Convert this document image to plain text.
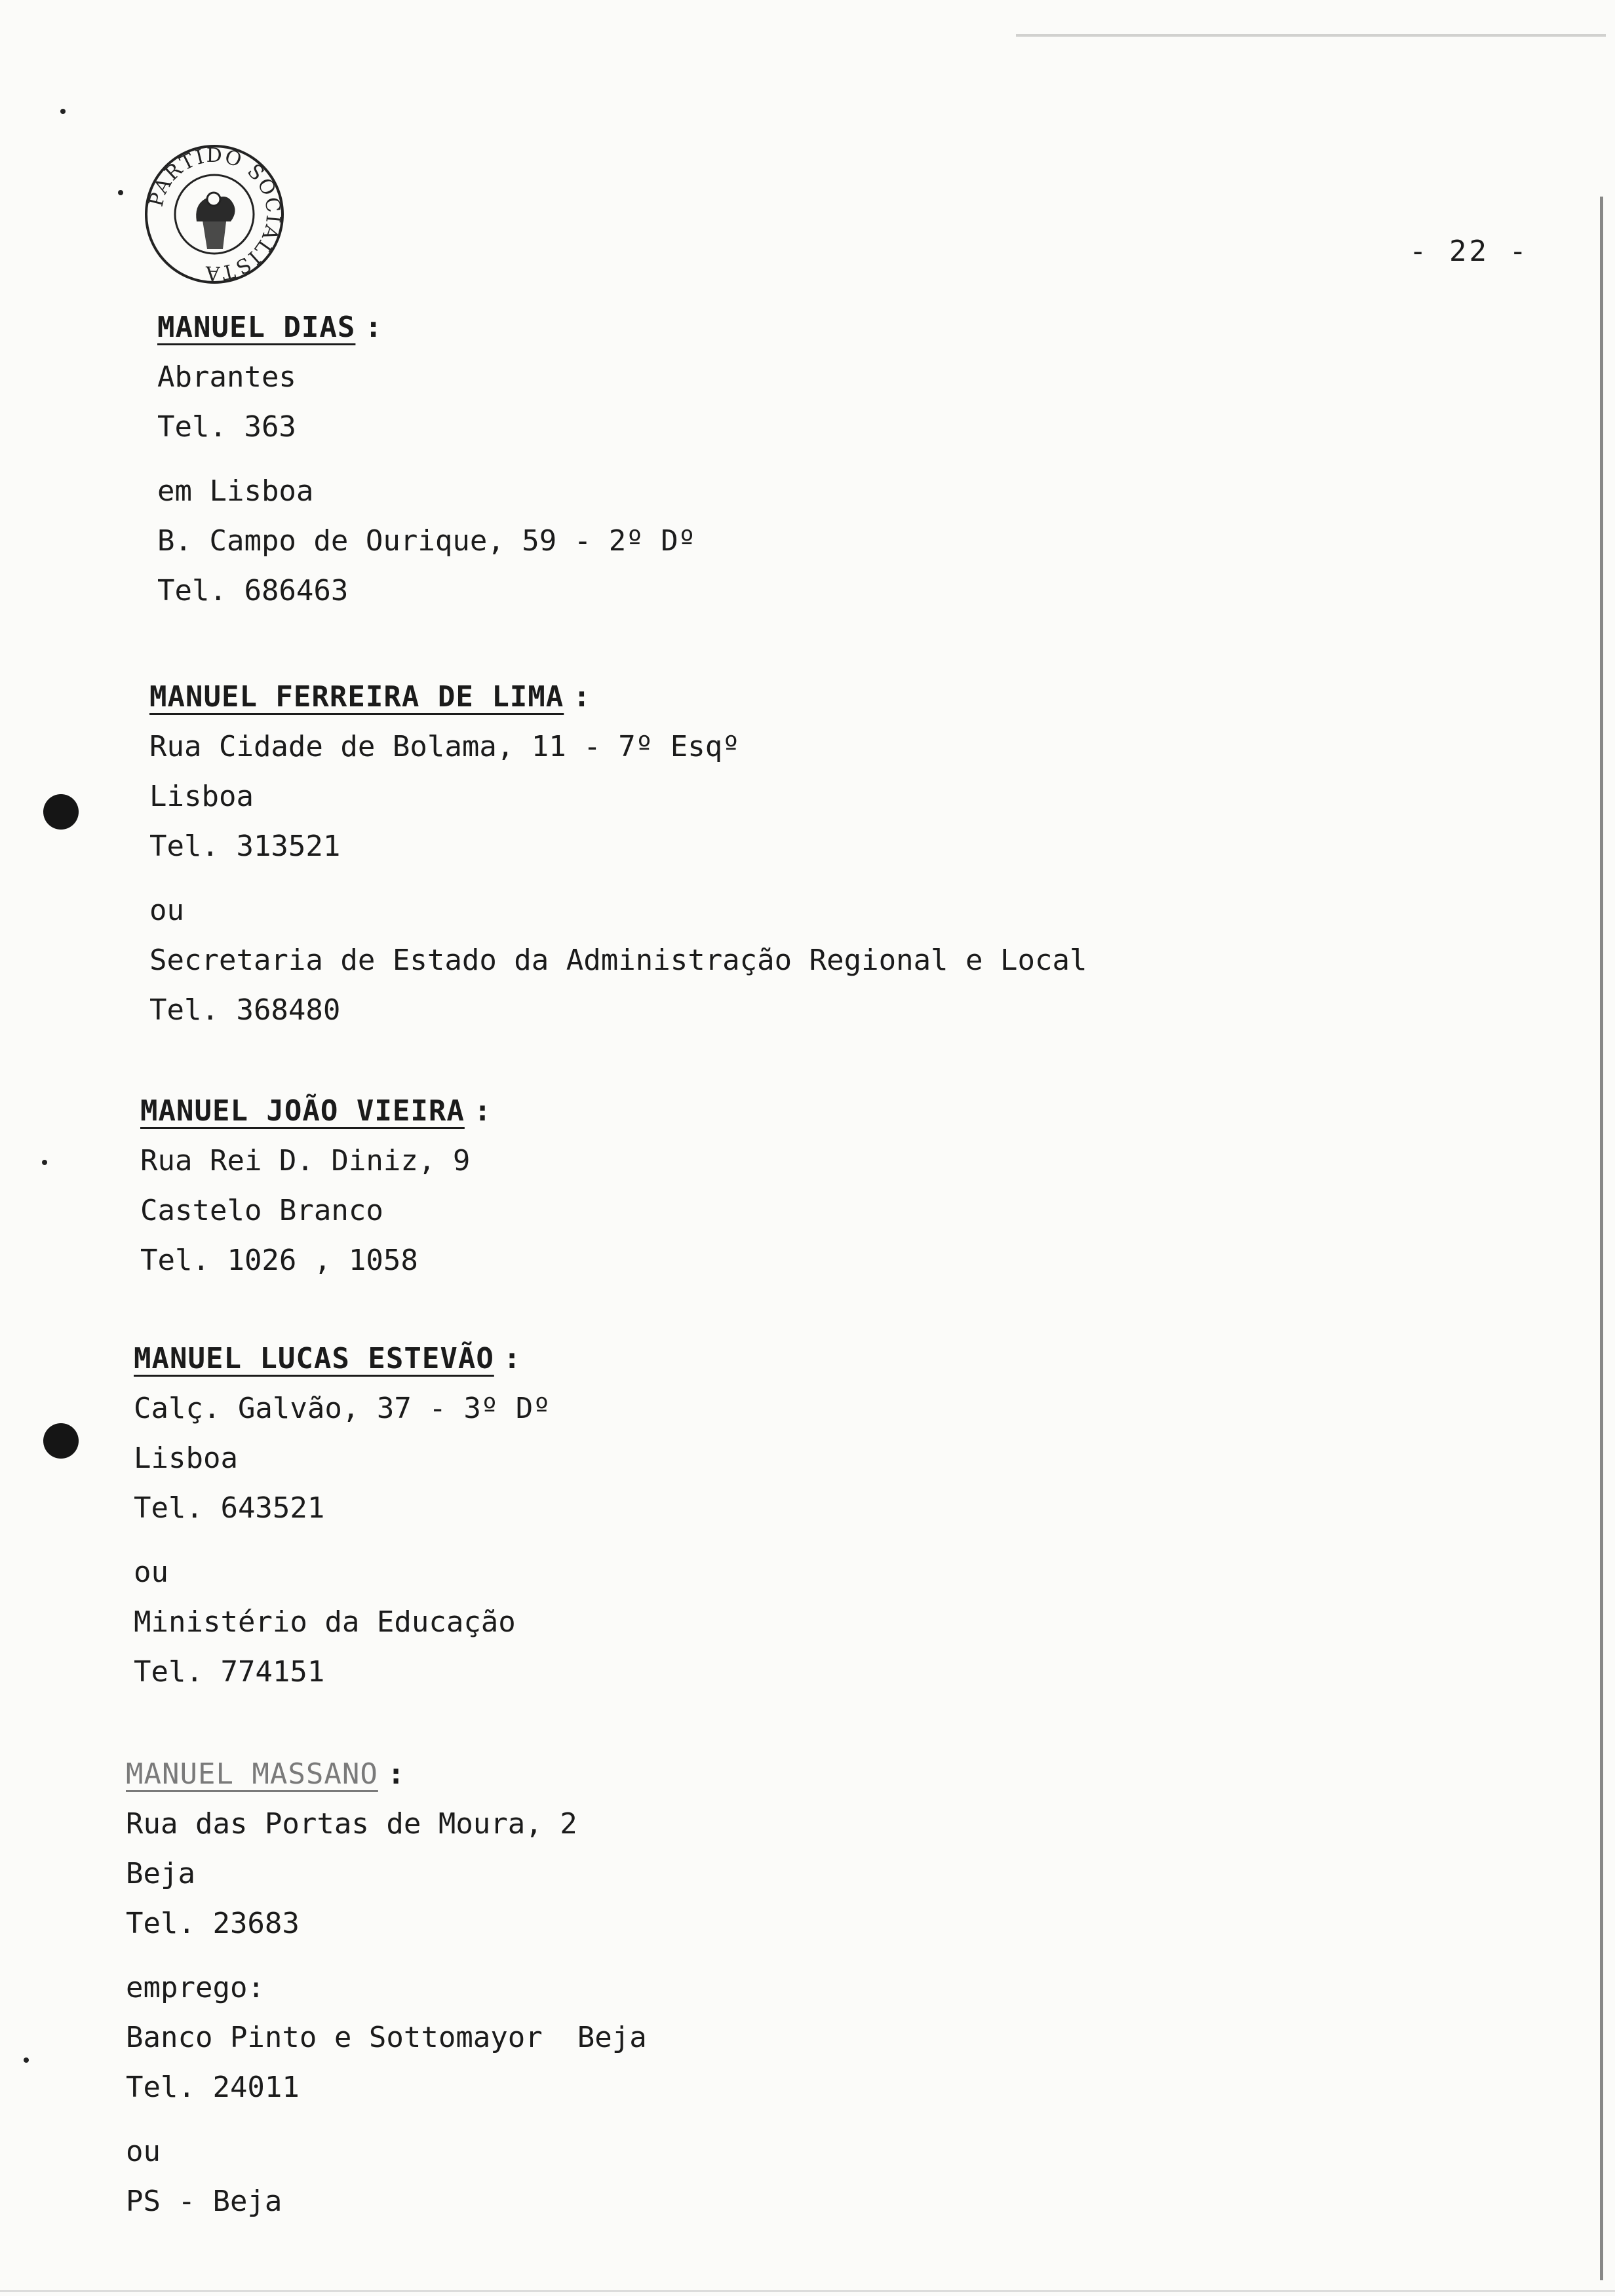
PARTIDO SOCIALISTA
- 22 -
MANUEL DIAS :
Abrantes
Tel. 363
em Lisboa
B. Campo de Ourique, 59 - 2º Dº
Tel. 686463
MANUEL FERREIRA DE LIMA :
Rua Cidade de Bolama, 11 - 7º Esqº
Lisboa
Tel. 313521
ou
Secretaria de Estado da Administração Regional e Local
Tel. 368480
MANUEL JOÃO VIEIRA :
Rua Rei D. Diniz, 9
Castelo Branco
Tel. 1026 , 1058
MANUEL LUCAS ESTEVÃO :
Calç. Galvão, 37 - 3º Dº
Lisboa
Tel. 643521
ou
Ministério da Educação
Tel. 774151
MANUEL MASSANO :
Rua das Portas de Moura, 2
Beja
Tel. 23683
emprego:
Banco Pinto e Sottomayor  Beja
Tel. 24011
ou
PS - Beja
